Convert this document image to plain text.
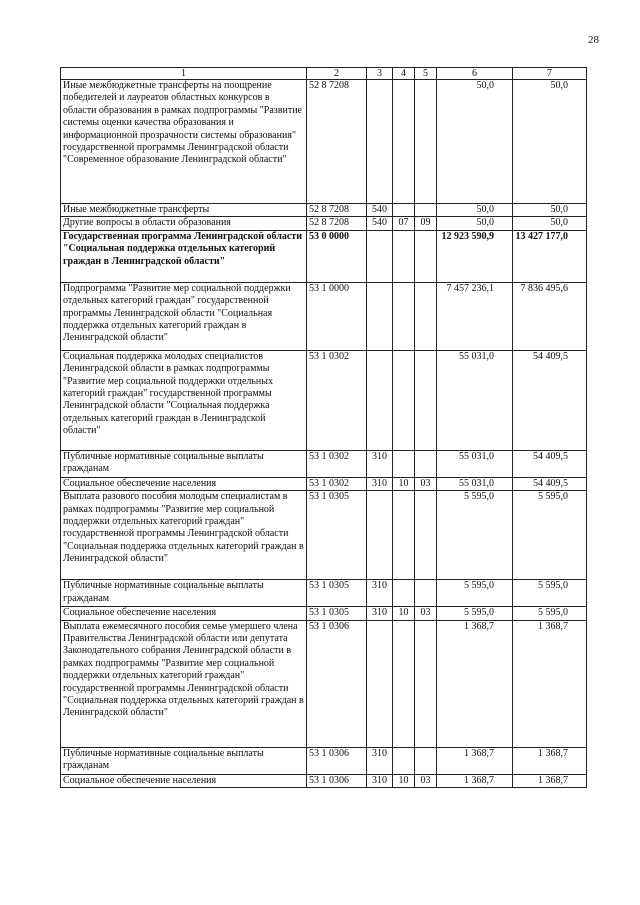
28
1	2	3	4	5	6	7
Иные межбюджетные трансферты на поощрение победителей и лауреатов областных конкурсов в области образования в рамках подпрограммы "Развитие системы оценки качества образования и информационной прозрачности системы образования" государственной программы Ленинградской области "Современное образование Ленинградской области"	52 8 7208				50,0	50,0
Иные межбюджетные трансферты	52 8 7208	540			50,0	50,0
Другие вопросы в области образования	52 8 7208	540	07	09	50,0	50,0
Государственная программа Ленинградской области "Социальная поддержка отдельных категорий граждан в Ленинградской области"	53 0 0000				12 923 590,9	13 427 177,0
Подпрограмма "Развитие мер социальной поддержки отдельных категорий граждан" государственной программы Ленинградской области "Социальная поддержка отдельных категорий граждан в Ленинградской области"	53 1 0000				7 457 236,1	7 836 495,6
Социальная поддержка молодых специалистов Ленинградской области в рамках подпрограммы "Развитие мер социальной поддержки отдельных категорий граждан" государственной программы Ленинградской области "Социальная поддержка отдельных категорий граждан в Ленинградской области"	53 1 0302				55 031,0	54 409,5
Публичные нормативные социальные выплаты гражданам	53 1 0302	310			55 031,0	54 409,5
Социальное обеспечение населения	53 1 0302	310	10	03	55 031,0	54 409,5
Выплата разового пособия молодым специалистам в рамках подпрограммы "Развитие мер социальной поддержки отдельных категорий граждан" государственной программы Ленинградской области "Социальная поддержка отдельных категорий граждан в Ленинградской области"	53 1 0305				5 595,0	5 595,0
Публичные нормативные социальные выплаты гражданам	53 1 0305	310			5 595,0	5 595,0
Социальное обеспечение населения	53 1 0305	310	10	03	5 595,0	5 595,0
Выплата ежемесячного пособия семье умершего члена Правительства Ленинградской области или депутата Законодательного собрания Ленинградской области в рамках подпрограммы "Развитие мер социальной поддержки отдельных категорий граждан" государственной программы Ленинградской области "Социальная поддержка отдельных категорий граждан в Ленинградской области"	53 1 0306				1 368,7	1 368,7
Публичные нормативные социальные выплаты гражданам	53 1 0306	310			1 368,7	1 368,7
Социальное обеспечение населения	53 1 0306	310	10	03	1 368,7	1 368,7
